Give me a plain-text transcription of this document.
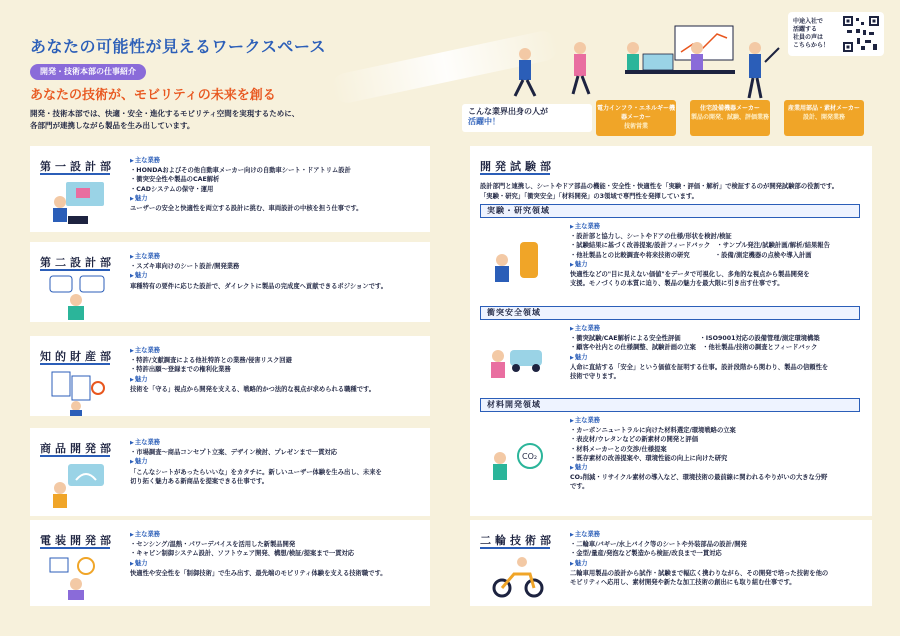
あなたの可能性が見えるワークスペース
開発・技術本部の仕事紹介
あなたの技術が、モビリティの未来を創る
開発・技術本部では、快適・安全・進化するモビリティ空間を実現するために、
各部門が連携しながら製品を生み出しています。
中途入社で
活躍する
社員の声は
こちらから！
こんな業界出身の人が
活躍中！
電力インフラ・エネルギー機器メーカー
技術営業
住宅設備機器メーカー
製品の開発、試験、評価業務
産業用部品・素材メーカー
設計、開発業務
第一設計部	▶ 主な業務
・HONDAおよびその他自動車メーカー向けの自動車シート・ドアトリム設計
・衝突安全性や製品のCAE解析
・CADシステムの保守・運用
▶ 魅力
ユーザーの安全と快適性を両立する設計に挑む、車両設計の中核を担う仕事です。
第二設計部	▶ 主な業務
・スズキ車向けのシート設計/開発業務
▶ 魅力
車種特有の要件に応じた設計で、ダイレクトに製品の完成度へ貢献できるポジションです。
知的財産部	▶ 主な業務
・特許/文献調査による他社特許との業務/侵害リスク回避
・特許出願〜登録までの権利化業務
▶ 魅力
技術を「守る」視点から開発を支える、戦略的かつ法的な視点が求められる職種です。
商品開発部	▶ 主な業務
・市場調査〜商品コンセプト立案、デザイン検討、プレゼンまで一貫対応
▶ 魅力
「こんなシートがあったらいいな」をカタチに。新しいユーザー体験を生み出し、未来を
切り拓く魅力ある新商品を提案できる仕事です。
電装開発部	▶ 主な業務
・センシング/温熱・パワーデバイスを活用した新製品開発
・キャビン制御システム設計、ソフトウェア開発、構想/検証/提案まで一貫対応
▶ 魅力
快適性や安全性を「制御技術」で生み出す、最先端のモビリティ体験を支える技術職です。
開発試験部
設計部門と連携し、シートやドア部品の機能・安全性・快適性を「実験・評価・解析」で検証するのが開発試験部の役割です。
「実験・研究」「衝突安全」「材料開発」の3領域で専門性を発揮しています。
実験・研究領域
▶ 主な業務
・設計部と協力し、シートやドアの仕様/形状を検討/検証
・試験結果に基づく改善提案/設計フィードバック　・サンプル発注/試験計画/解析/結果報告
・他社製品との比較調査や将来技術の研究　　　　・設備/測定機器の点検や導入計画
▶ 魅力
快適性などの"目に見えない価値"をデータで可視化し、多角的な視点から製品開発を
支援。モノづくりの本質に迫り、製品の魅力を最大限に引き出す仕事です。
衝突安全領域
▶ 主な業務
・衝突試験/CAE解析による安全性評価　　　・ISO9001対応の設備管理/測定環境構築
・顧客や社内との仕様調整、試験計画の立案　・他社製品/技術の調査とフィードバック
▶ 魅力
人命に直結する「安全」という価値を証明する仕事。設計段階から関わり、製品の信頼性を
技術で守ります。
材料開発領域
CO₂
▶ 主な業務
・カーボンニュートラルに向けた材料選定/環境戦略の立案
・表皮材/ウレタンなどの新素材の開発と評価
・材料メーカーとの交渉/仕様提案
・既存素材の改善提案や、環境性能の向上に向けた研究
▶ 魅力
CO₂削減・リサイクル素材の導入など、環境技術の最前線に関われるやりがいの大きな分野
です。
二輪技術部	▶ 主な業務
・二輪車/バギー/水上バイク等のシートや外装部品の設計/開発
・金型/量産/発泡など製造から検証/改良まで一貫対応
▶ 魅力
二輪車用製品の設計から試作・試験まで幅広く携わりながら、その開発で培った技術を他の
モビリティへ応用し、素材開発や新たな加工技術の創出にも取り組む仕事です。
